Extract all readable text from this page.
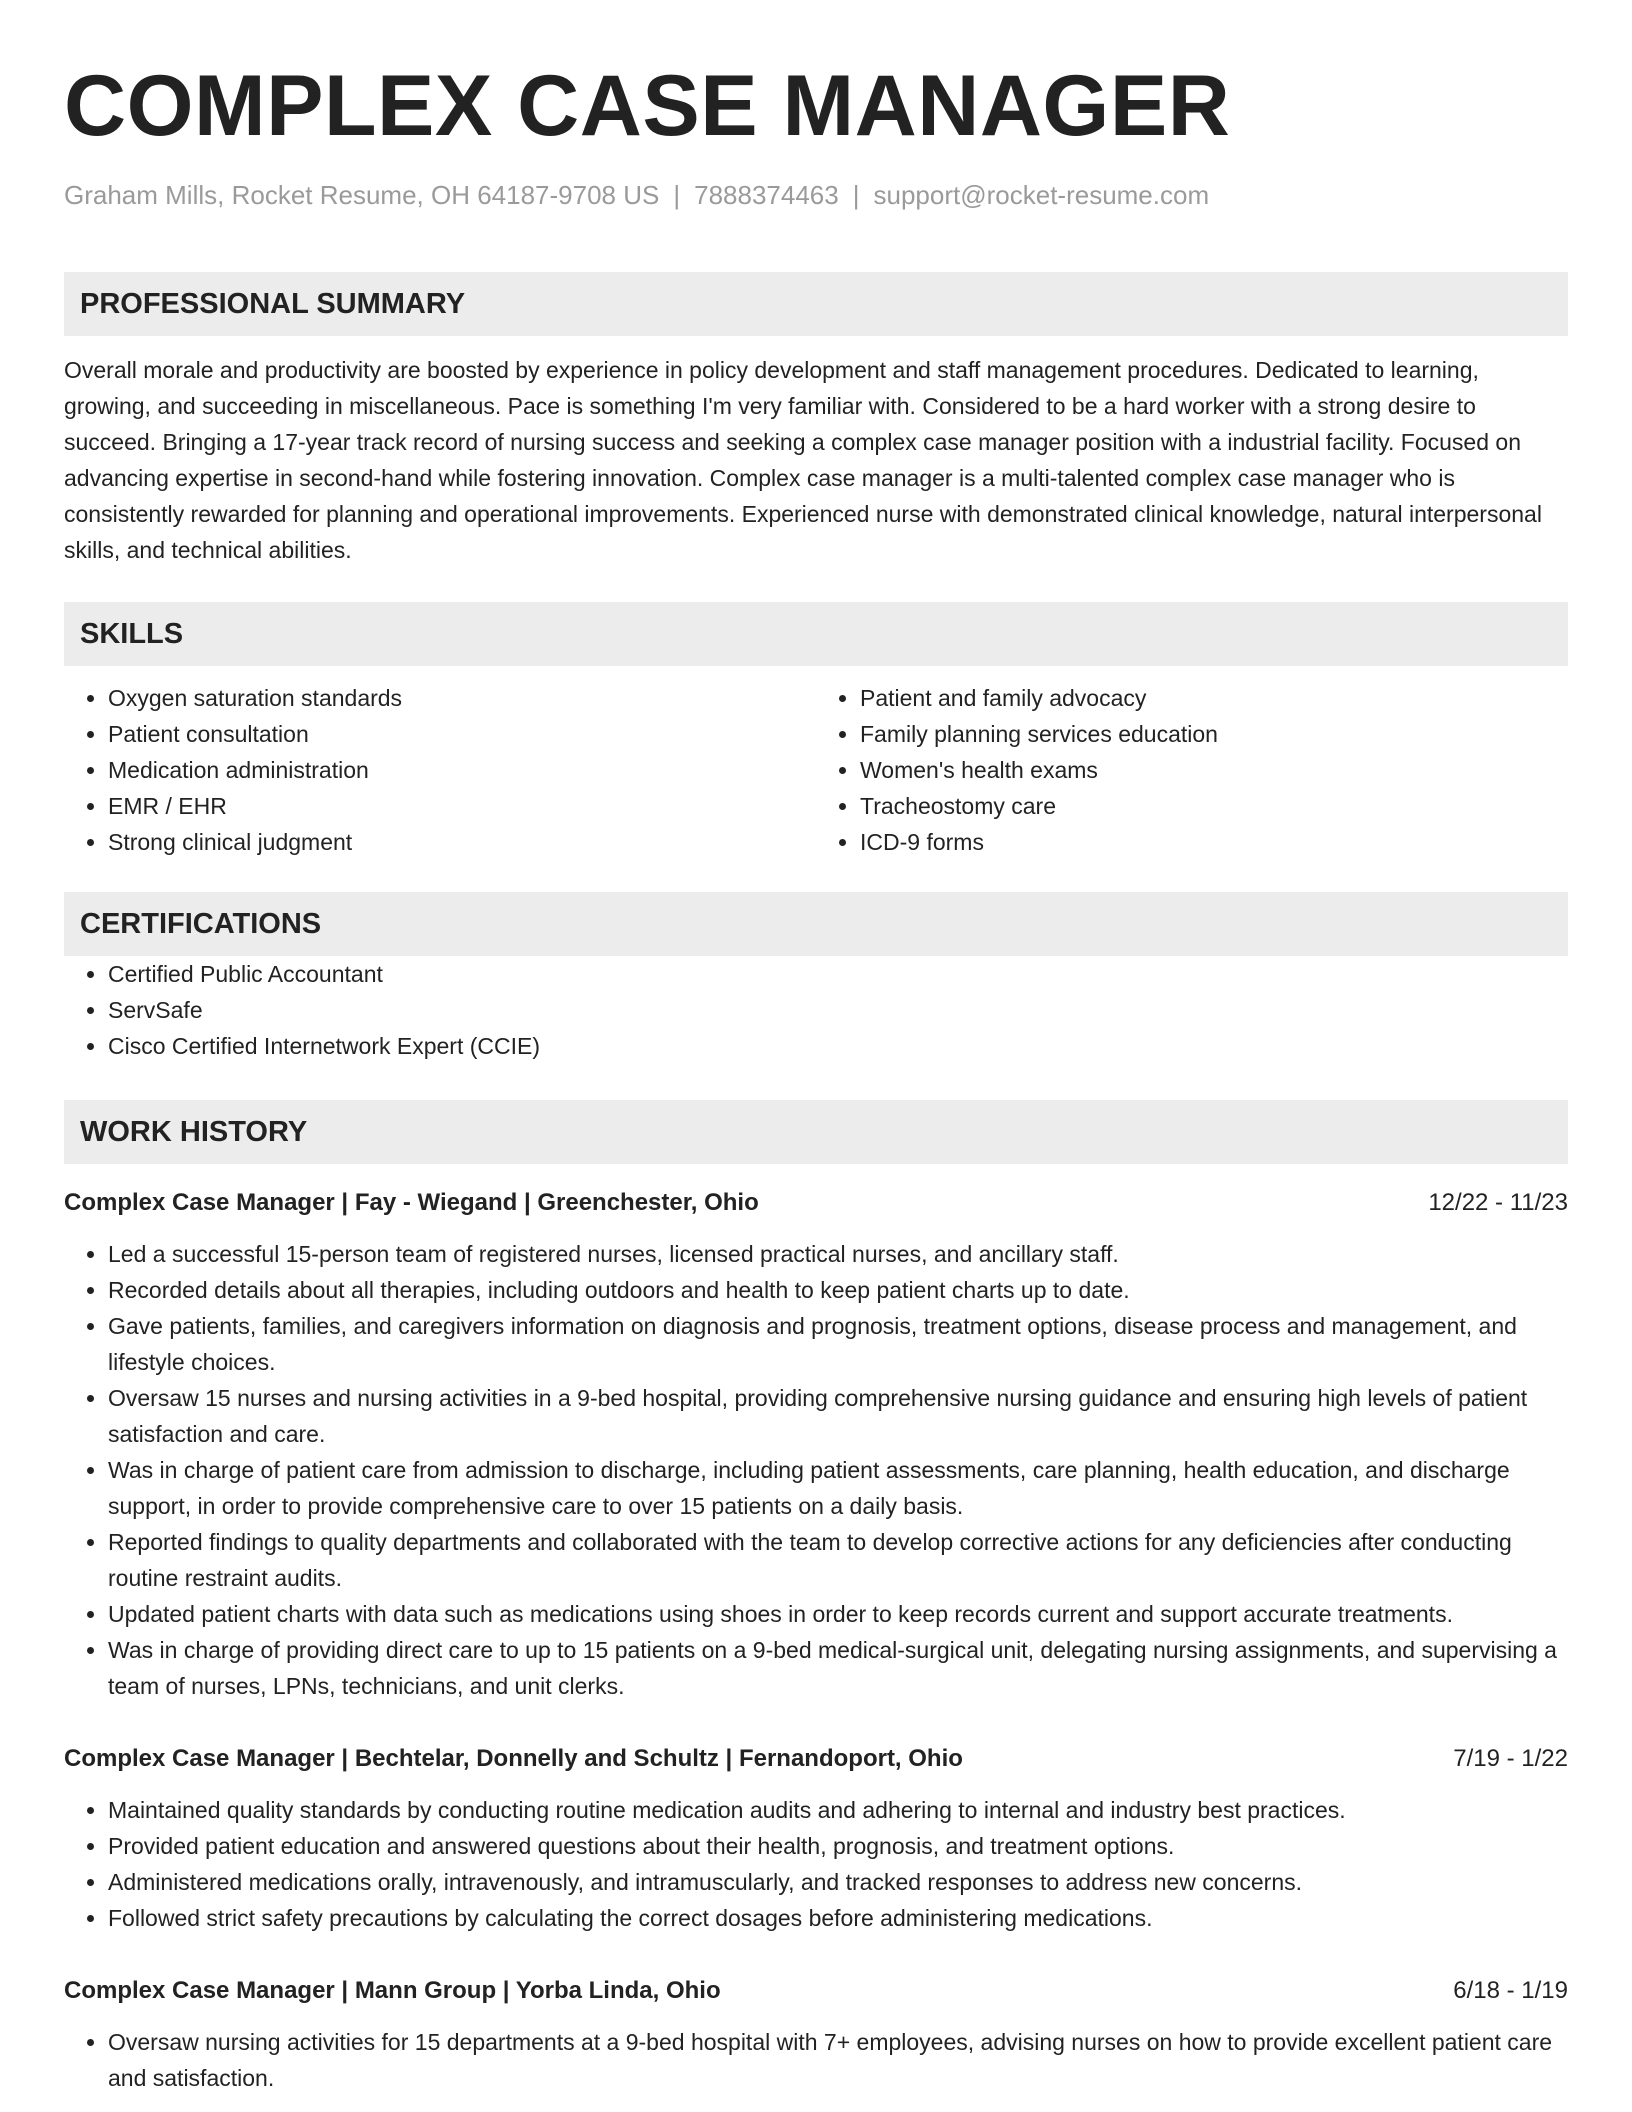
COMPLEX CASE MANAGER
Graham Mills, Rocket Resume, OH 64187-9708 US | 7888374463 | support@rocket-resume.com
PROFESSIONAL SUMMARY

Overall morale and productivity are boosted by experience in policy development and staff management procedures. Dedicated to learning, growing, and succeeding in miscellaneous. Pace is something I'm very familiar with. Considered to be a hard worker with a strong desire to succeed. Bringing a 17-year track record of nursing success and seeking a complex case manager position with a industrial facility. Focused on advancing expertise in second-hand while fostering innovation. Complex case manager is a multi-talented complex case manager who is consistently rewarded for planning and operational improvements. Experienced nurse with demonstrated clinical knowledge, natural interpersonal skills, and technical abilities.

SKILLS
• Oxygen saturation standards
• Patient consultation
• Medication administration
• EMR / EHR
• Strong clinical judgment
• Patient and family advocacy
• Family planning services education
• Women's health exams
• Tracheostomy care
• ICD-9 forms
CERTIFICATIONS
• Certified Public Accountant
• ServSafe
• Cisco Certified Internetwork Expert (CCIE)
WORK HISTORY
Complex Case Manager | Fay - Wiegand | Greenchester, Ohio	12/22 - 11/23
• Led a successful 15-person team of registered nurses, licensed practical nurses, and ancillary staff.
• Recorded details about all therapies, including outdoors and health to keep patient charts up to date.
• Gave patients, families, and caregivers information on diagnosis and prognosis, treatment options, disease process and management, and lifestyle choices.
• Oversaw 15 nurses and nursing activities in a 9-bed hospital, providing comprehensive nursing guidance and ensuring high levels of patient satisfaction and care.
• Was in charge of patient care from admission to discharge, including patient assessments, care planning, health education, and discharge support, in order to provide comprehensive care to over 15 patients on a daily basis.
• Reported findings to quality departments and collaborated with the team to develop corrective actions for any deficiencies after conducting routine restraint audits.
• Updated patient charts with data such as medications using shoes in order to keep records current and support accurate treatments.
• Was in charge of providing direct care to up to 15 patients on a 9-bed medical-surgical unit, delegating nursing assignments, and supervising a team of nurses, LPNs, technicians, and unit clerks.
Complex Case Manager | Bechtelar, Donnelly and Schultz | Fernandoport, Ohio	7/19 - 1/22
• Maintained quality standards by conducting routine medication audits and adhering to internal and industry best practices.
• Provided patient education and answered questions about their health, prognosis, and treatment options.
• Administered medications orally, intravenously, and intramuscularly, and tracked responses to address new concerns.
• Followed strict safety precautions by calculating the correct dosages before administering medications.
Complex Case Manager | Mann Group | Yorba Linda, Ohio	6/18 - 1/19
• Oversaw nursing activities for 15 departments at a 9-bed hospital with 7+ employees, advising nurses on how to provide excellent patient care and satisfaction.
